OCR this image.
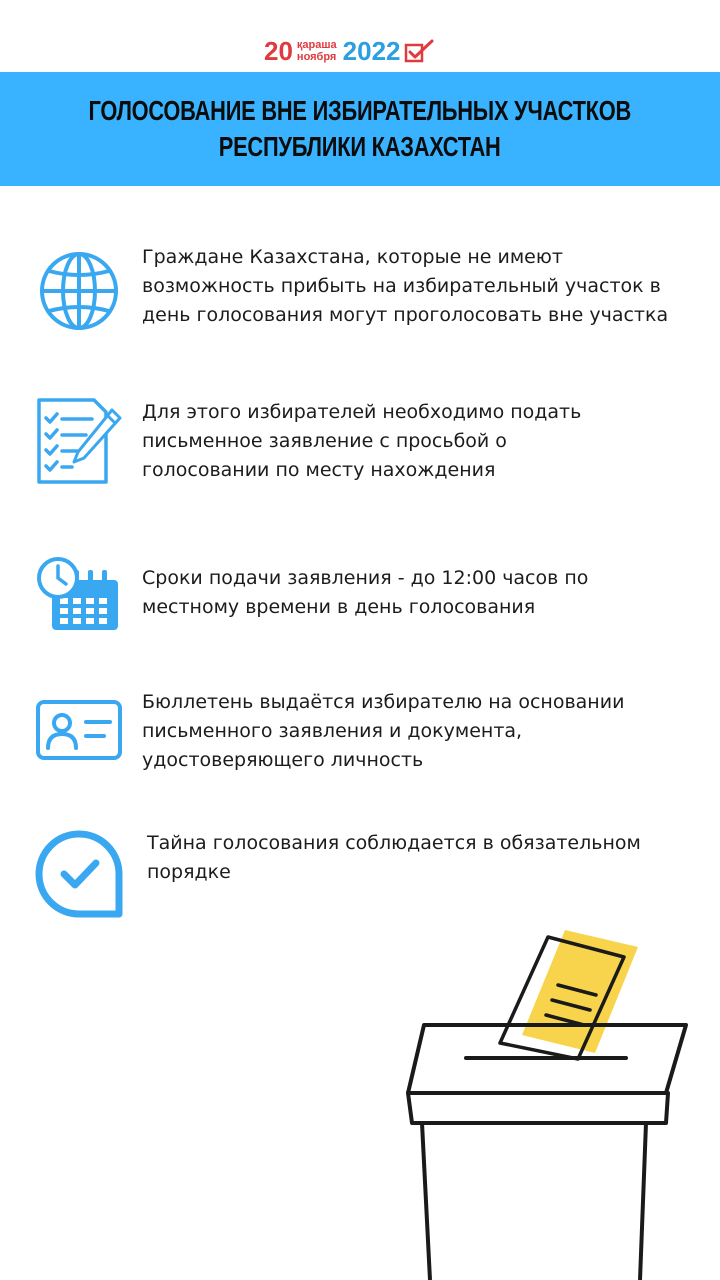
20 қараша
ноября 2022
ГОЛОСОВАНИЕ ВНЕ ИЗБИРАТЕЛЬНЫХ УЧАСТКОВ
РЕСПУБЛИКИ КАЗАХСТАН
Граждане Казахстана, которые не имеют
возможность прибыть на избирательный участок в
день голосования могут проголосовать вне участка
Для этого избирателей необходимо подать
письменное заявление с просьбой о
голосовании по месту нахождения
Сроки подачи заявления - до 12:00 часов по
местному времени в день голосования
Бюллетень выдаётся избирателю на основании
письменного заявления и документа,
удостоверяющего личность
Тайна голосования соблюдается в обязательном
порядке
